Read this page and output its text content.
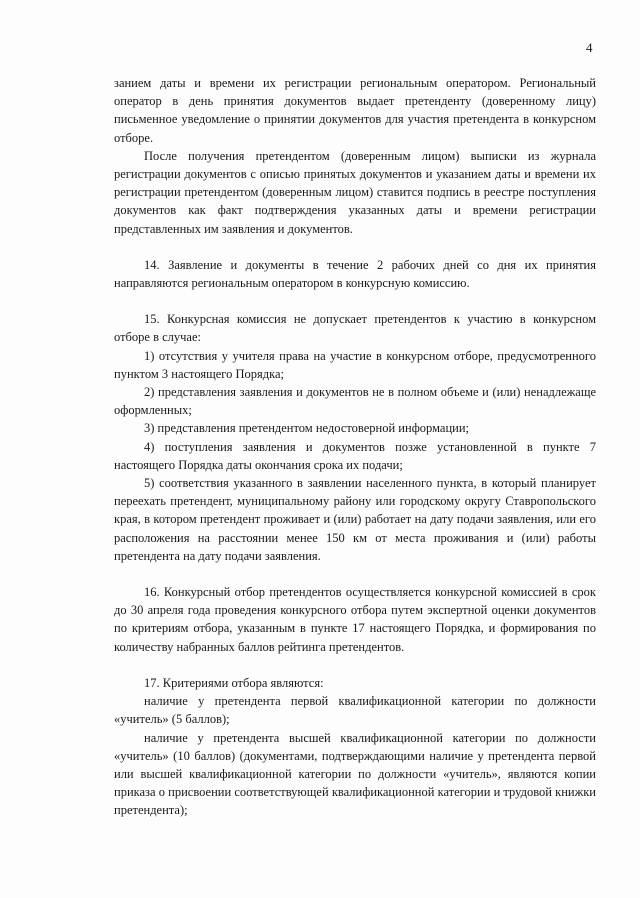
4

занием даты и времени их регистрации региональным оператором. Региональный оператор в день принятия документов выдает претенденту (доверенному лицу) письменное уведомление о принятии документов для участия претендента в конкурсном отборе.

После получения претендентом (доверенным лицом) выписки из журнала регистрации документов с описью принятых документов и указанием даты и времени их регистрации претендентом (доверенным лицом) ставится подпись в реестре поступления документов как факт подтверждения указанных даты и времени регистрации представленных им заявления и документов.

14. Заявление и документы в течение 2 рабочих дней со дня их принятия направляются региональным оператором в конкурсную комиссию.

15. Конкурсная комиссия не допускает претендентов к участию в конкурсном отборе в случае:

1) отсутствия у учителя права на участие в конкурсном отборе, предусмотренного пунктом 3 настоящего Порядка;

2) представления заявления и документов не в полном объеме и (или) ненадлежаще оформленных;

3) представления претендентом недостоверной информации;

4) поступления заявления и документов позже установленной в пункте 7 настоящего Порядка даты окончания срока их подачи;

5) соответствия указанного в заявлении населенного пункта, в который планирует переехать претендент, муниципальному району или городскому округу Ставропольского края, в котором претендент проживает и (или) работает на дату подачи заявления, или его расположения на расстоянии менее 150 км от места проживания и (или) работы претендента на дату подачи заявления.

16. Конкурсный отбор претендентов осуществляется конкурсной комиссией в срок до 30 апреля года проведения конкурсного отбора путем экспертной оценки документов по критериям отбора, указанным в пункте 17 настоящего Порядка, и формирования по количеству набранных баллов рейтинга претендентов.

17. Критериями отбора являются:

наличие у претендента первой квалификационной категории по должности «учитель» (5 баллов);

наличие у претендента высшей квалификационной категории по должности «учитель» (10 баллов) (документами, подтверждающими наличие у претендента первой или высшей квалификационной категории по должности «учитель», являются копии приказа о присвоении соответствующей квалификационной категории и трудовой книжки претендента);
